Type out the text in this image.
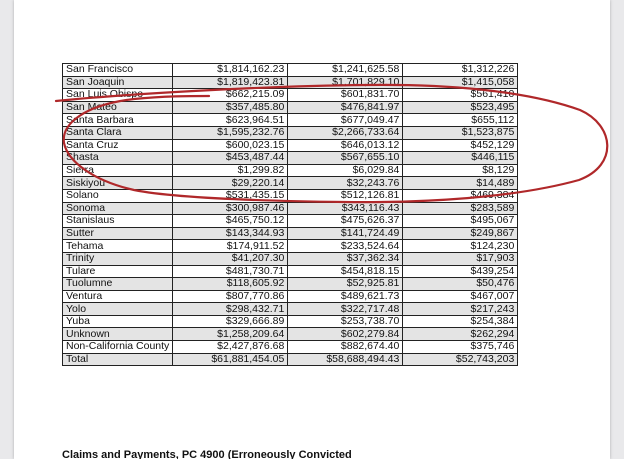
San Francisco	$1,814,162.23	$1,241,625.58	$1,312,226
San Joaquin	$1,819,423.81	$1,701,829.10	$1,415,058
San Luis Obispo	$662,215.09	$601,831.70	$561,410
San Mateo	$357,485.80	$476,841.97	$523,495
Santa Barbara	$623,964.51	$677,049.47	$655,112
Santa Clara	$1,595,232.76	$2,266,733.64	$1,523,875
Santa Cruz	$600,023.15	$646,013.12	$452,129
Shasta	$453,487.44	$567,655.10	$446,115
Sierra	$1,299.82	$6,029.84	$8,129
Siskiyou	$29,220.14	$32,243.76	$14,489
Solano	$531,435.15	$512,126.81	$469,384
Sonoma	$300,987.46	$343,116.43	$283,589
Stanislaus	$465,750.12	$475,626.37	$495,067
Sutter	$143,344.93	$141,724.49	$249,867
Tehama	$174,911.52	$233,524.64	$124,230
Trinity	$41,207.30	$37,362.34	$17,903
Tulare	$481,730.71	$454,818.15	$439,254
Tuolumne	$118,605.92	$52,925.81	$50,476
Ventura	$807,770.86	$489,621.73	$467,007
Yolo	$298,432.71	$322,717.48	$217,243
Yuba	$329,666.89	$253,738.70	$254,384
Unknown	$1,258,209.64	$602,279.84	$262,294
Non-California County	$2,427,876.68	$882,674.40	$375,746
Total	$61,881,454.05	$58,688,494.43	$52,743,203
Claims and Payments, PC 4900 (Erroneously Convicted
